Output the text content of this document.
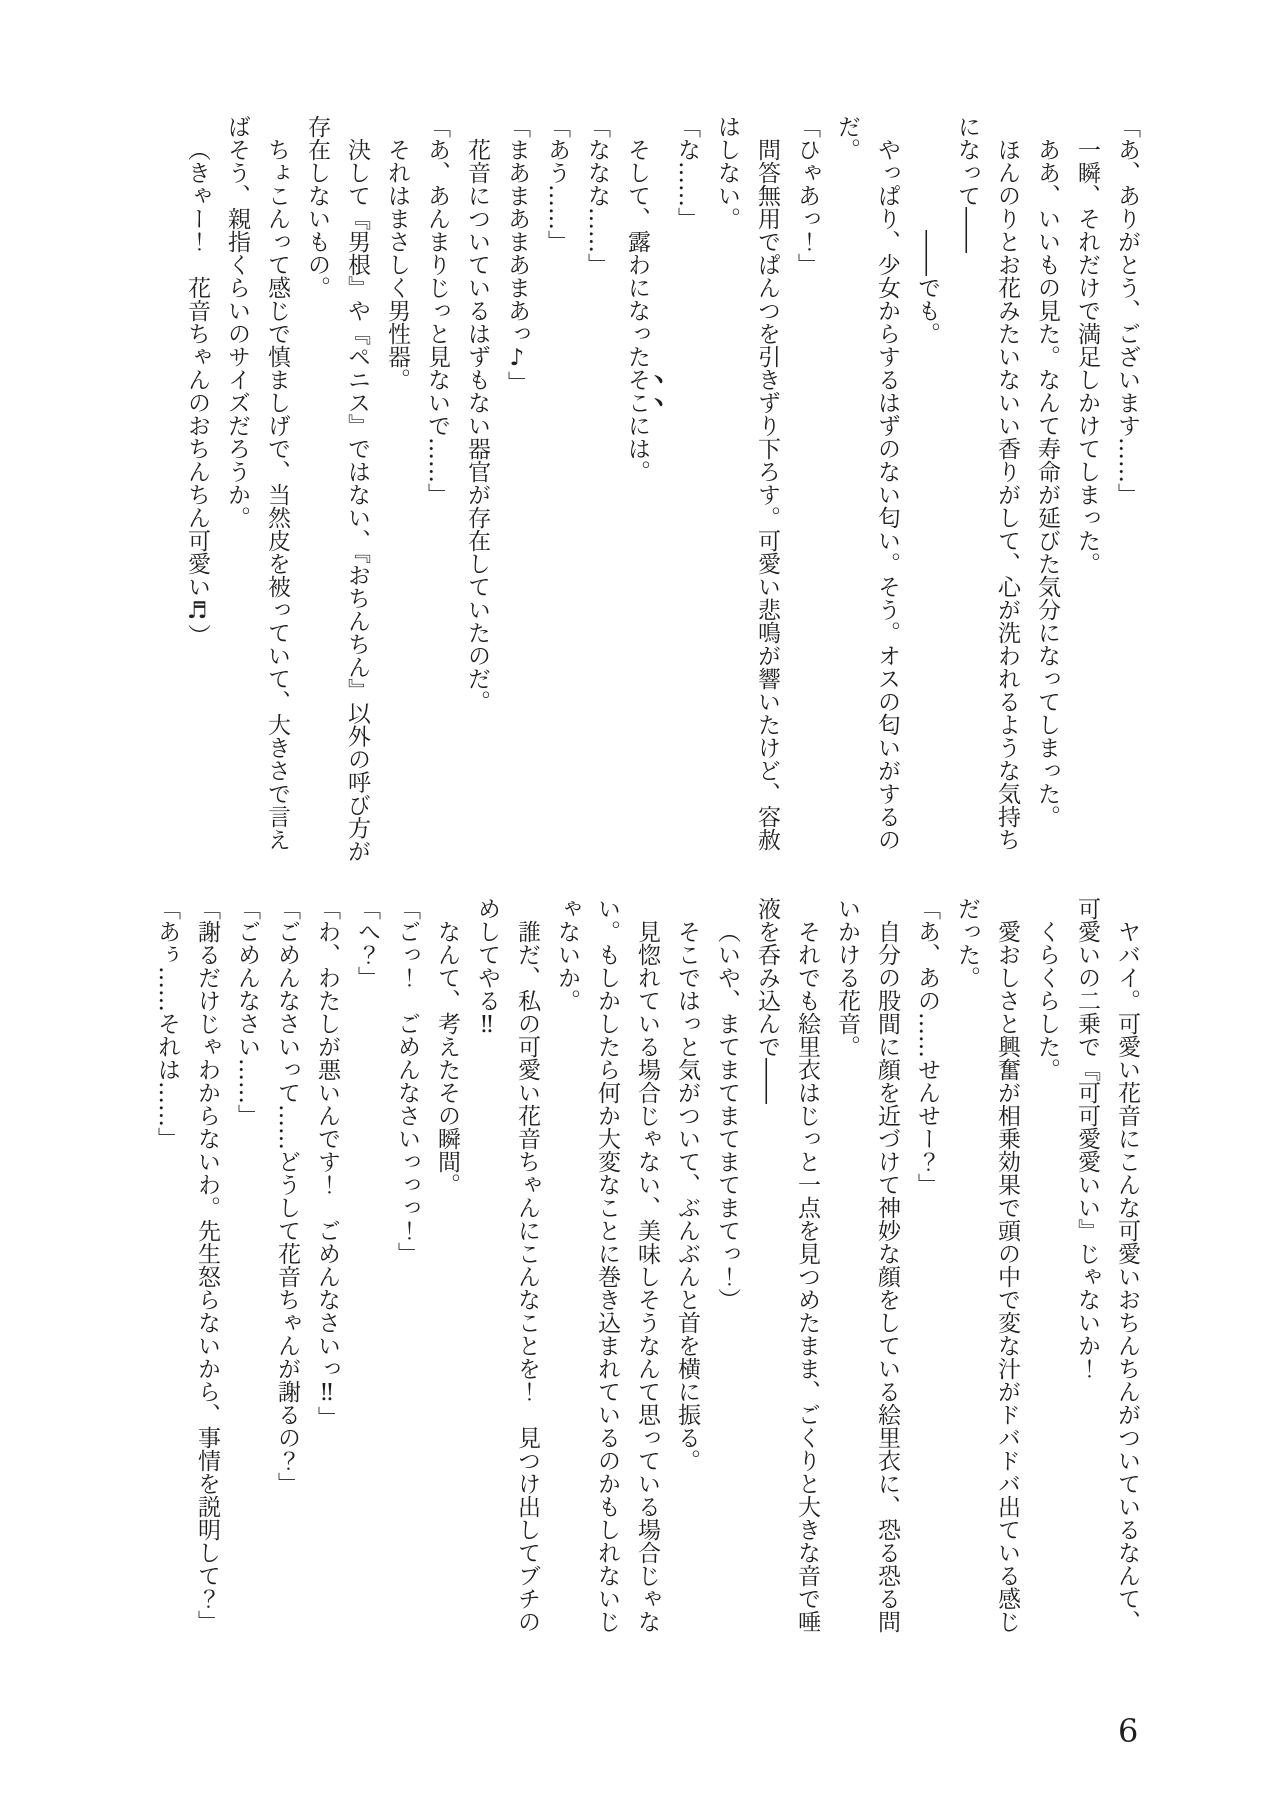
「あ、ありがとう、ございます……」

一瞬、それだけで満足しかけてしまった。

ああ、いいもの見た。なんて寿命が延びた気分になってしまった。

ほんのりとお花みたいないい香りがして、心が洗われるような気持ちになって――

――でも。

やっぱり、少女からするはずのない匂い。そう。オスの匂いがするのだ。

「ひゃあっ！」

問答無用でぱんつを引きずり下ろす。可愛い悲鳴が響いたけど、容赦はしない。

「な……」

そして、露わになったそこには。

「ななな……」

「あう……」

「まあまあまあまあっ♪」

花音についているはずもない器官が存在していたのだ。

「あ、あんまりじっと見ないで……」

それはまさしく男性器。

決して『男根』や『ペニス』ではない、『おちんちん』以外の呼び方が存在しないもの。

ちょこんって感じで慎ましげで、当然皮を被っていて、大きさで言えばそう、親指くらいのサイズだろうか。

（きゃー！　花音ちゃんのおちんちん可愛い♬）

ヤバイ。可愛い花音にこんな可愛いおちんちんがついているなんて、可愛いの二乗で『可可愛愛いい』じゃないか！

くらくらした。

愛おしさと興奮が相乗効果で頭の中で変な汁がドバドバ出ている感じだった。

「あ、あの……せんせー？」

自分の股間に顔を近づけて神妙な顔をしている絵里衣に、恐る恐る問いかける花音。

それでも絵里衣はじっと一点を見つめたまま、ごくりと大きな音で唾液を呑み込んで――

（いや、まてまてまてまてまてっ！）

そこではっと気がついて、ぶんぶんと首を横に振る。

見惚れている場合じゃない、美味しそうなんて思っている場合じゃない。もしかしたら何か大変なことに巻き込まれているのかもしれないじゃないか。

誰だ、私の可愛い花音ちゃんにこんなことを！　見つけ出してブチのめしてやる‼

なんて、考えたその瞬間。

「ごっ！　ごめんなさいっっっ！」

「へ？」

「わ、わたしが悪いんです！　ごめんなさいっ‼」

「ごめんなさいって……どうして花音ちゃんが謝るの？」

「ごめんなさい……」

「謝るだけじゃわからないわ。先生怒らないから、事情を説明して？」

「あぅ……それは……」

6
